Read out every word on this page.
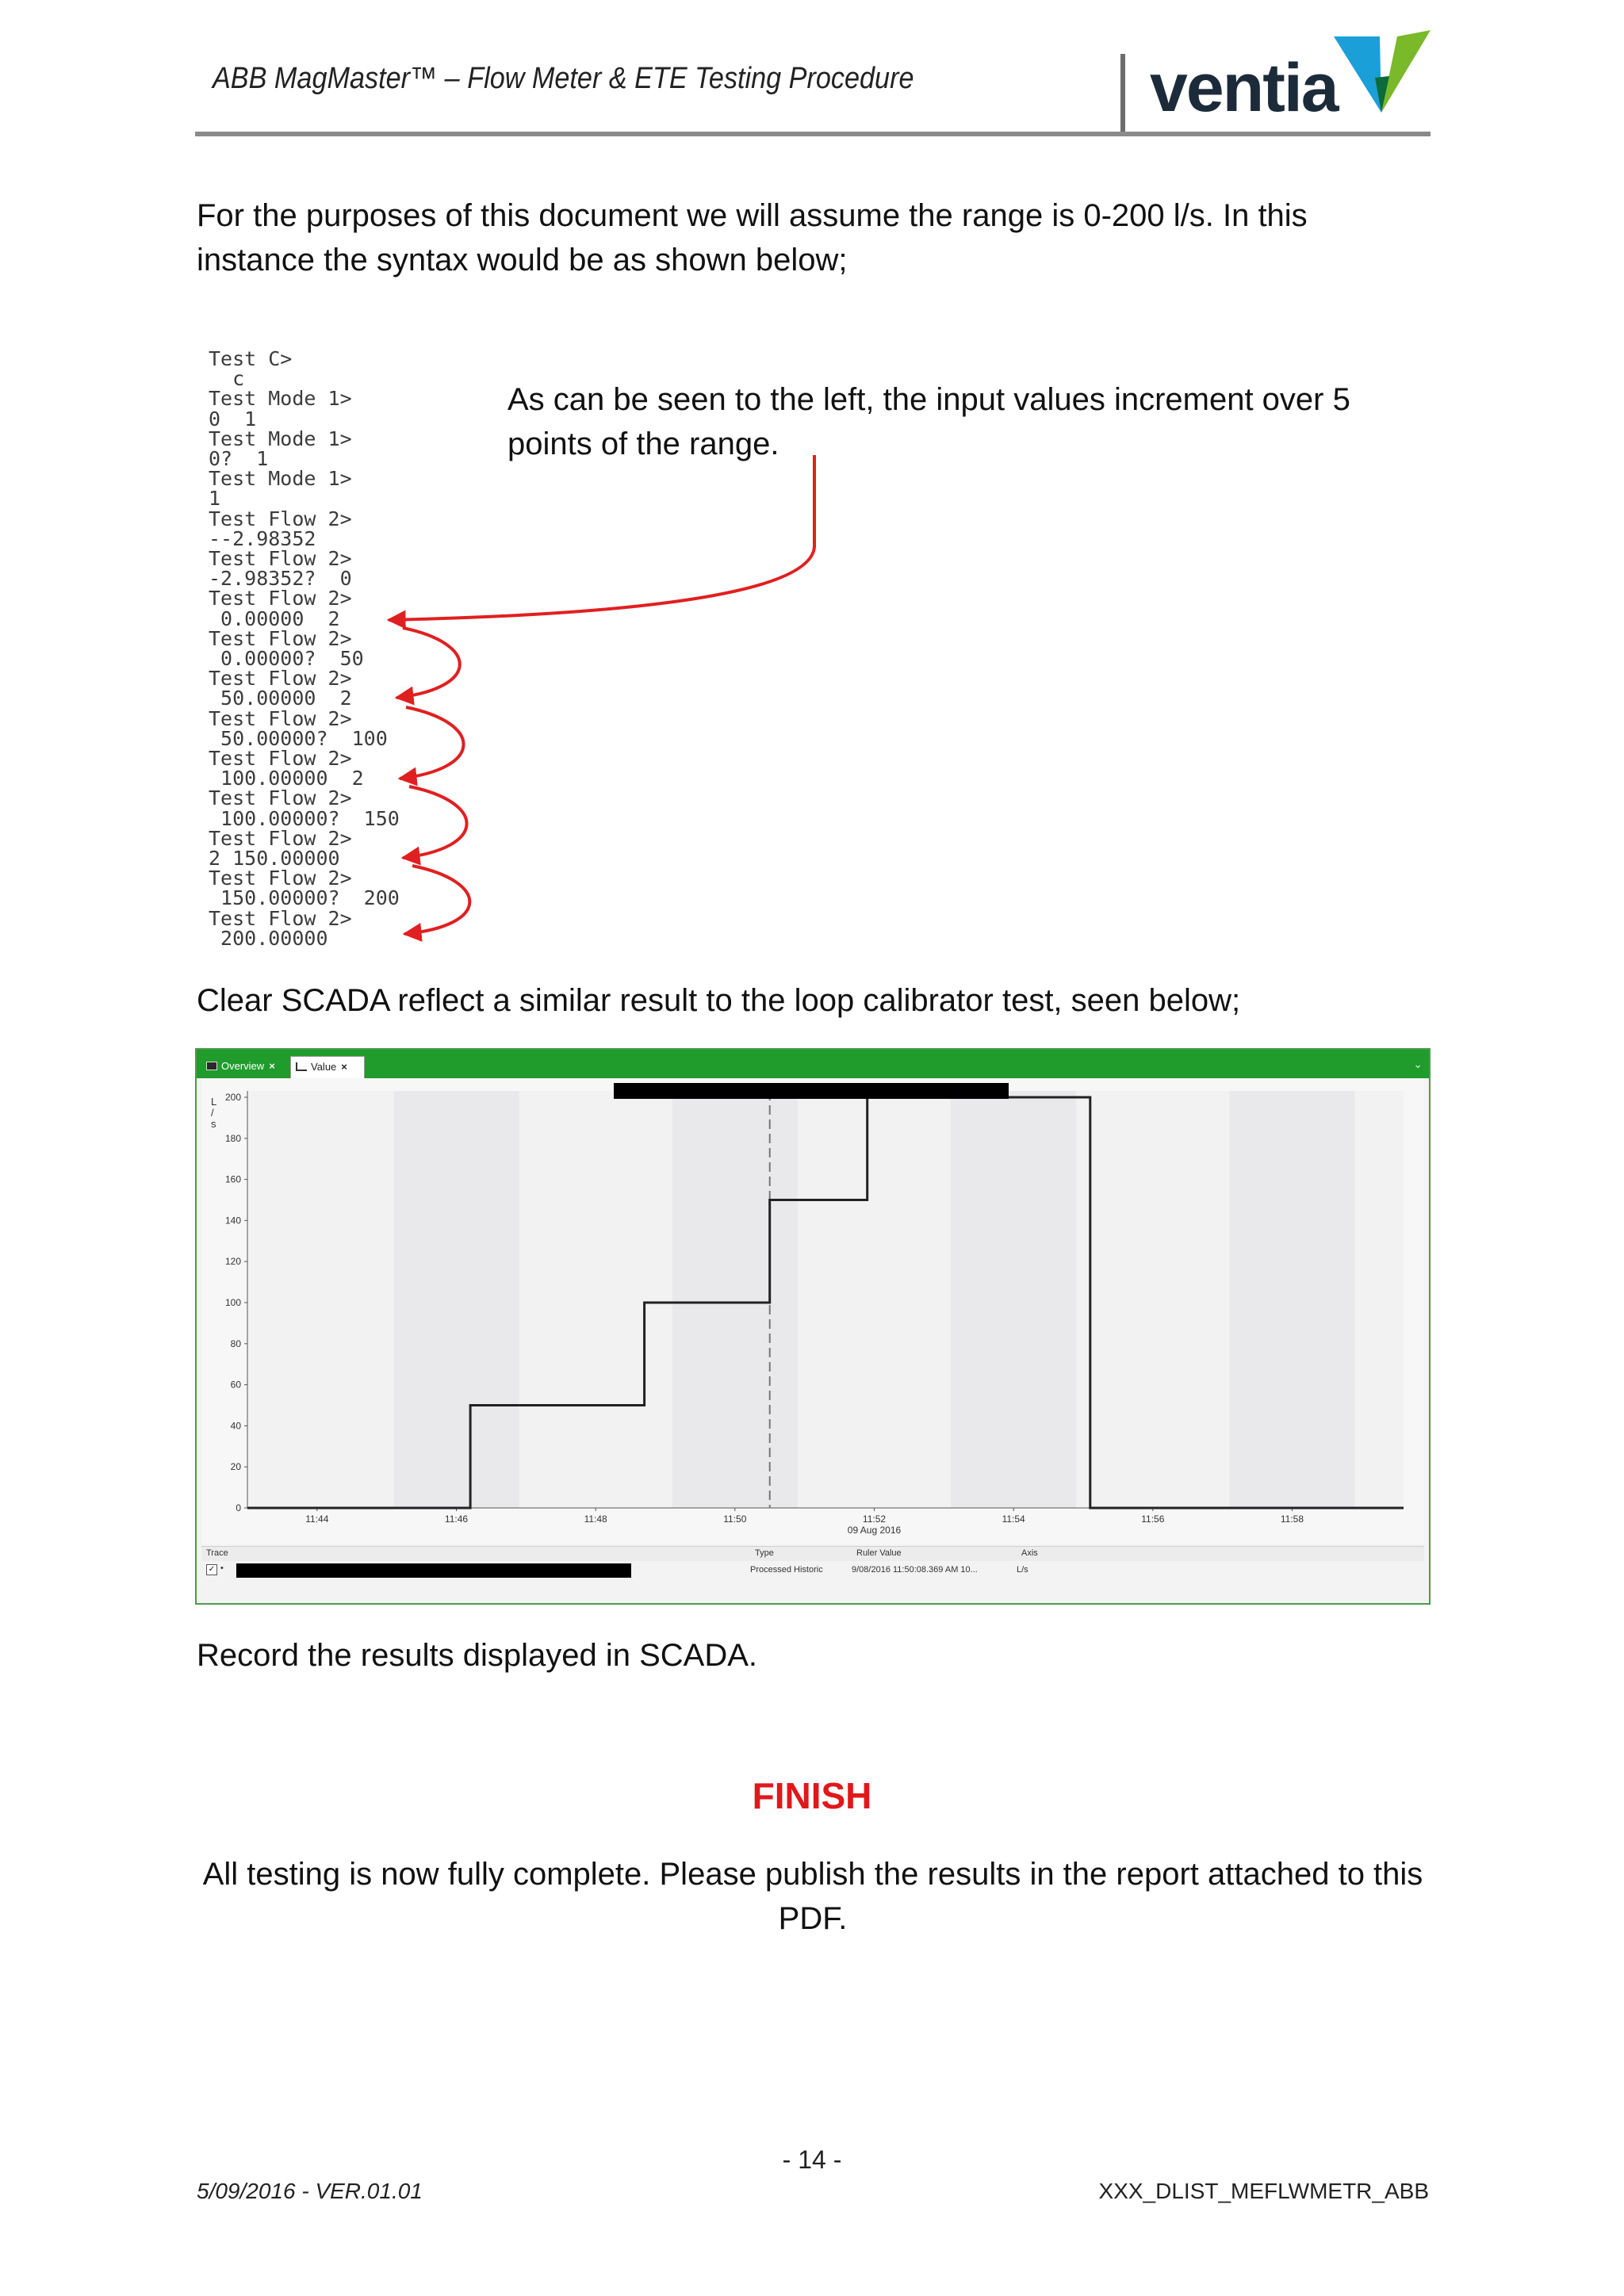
ABB MagMaster™ – Flow Meter & ETE Testing Procedure	ventia
For the purposes of this document we will assume the range is 0-200 l/s. In this instance the syntax would be as shown below;
Test C>
c
Test Mode 1>
0  1
Test Mode 1>
0?  1
Test Mode 1>
1
Test Flow 2>
--2.98352
Test Flow 2>
-2.98352?  0
Test Flow 2>
0.00000  2
Test Flow 2>
0.00000?  50
Test Flow 2>
50.00000  2
Test Flow 2>
50.00000?  100
Test Flow 2>
100.00000  2
Test Flow 2>
100.00000?  150
Test Flow 2>
2 150.00000
Test Flow 2>
150.00000?  200
Test Flow 2>
200.00000
As can be seen to the left, the input values increment over 5 points of the range.
Clear SCADA reflect a similar result to the loop calibrator test, seen below;
Overview ×	Value ×	⌄
0
20
40
60
80
100
120
140
160
180
200
L
/
s
11:44	11:46	11:48	11:50	11:52	11:54	11:56	11:58
09 Aug 2016
Trace	Type	Ruler Value	Axis
✓ •	Processed Historic	9/08/2016 11:50:08.369 AM 10...	L/s
Record the results displayed in SCADA.
FINISH
All testing is now fully complete. Please publish the results in the report attached to this PDF.
- 14 -
5/09/2016 - VER.01.01	XXX_DLIST_MEFLWMETR_ABB
